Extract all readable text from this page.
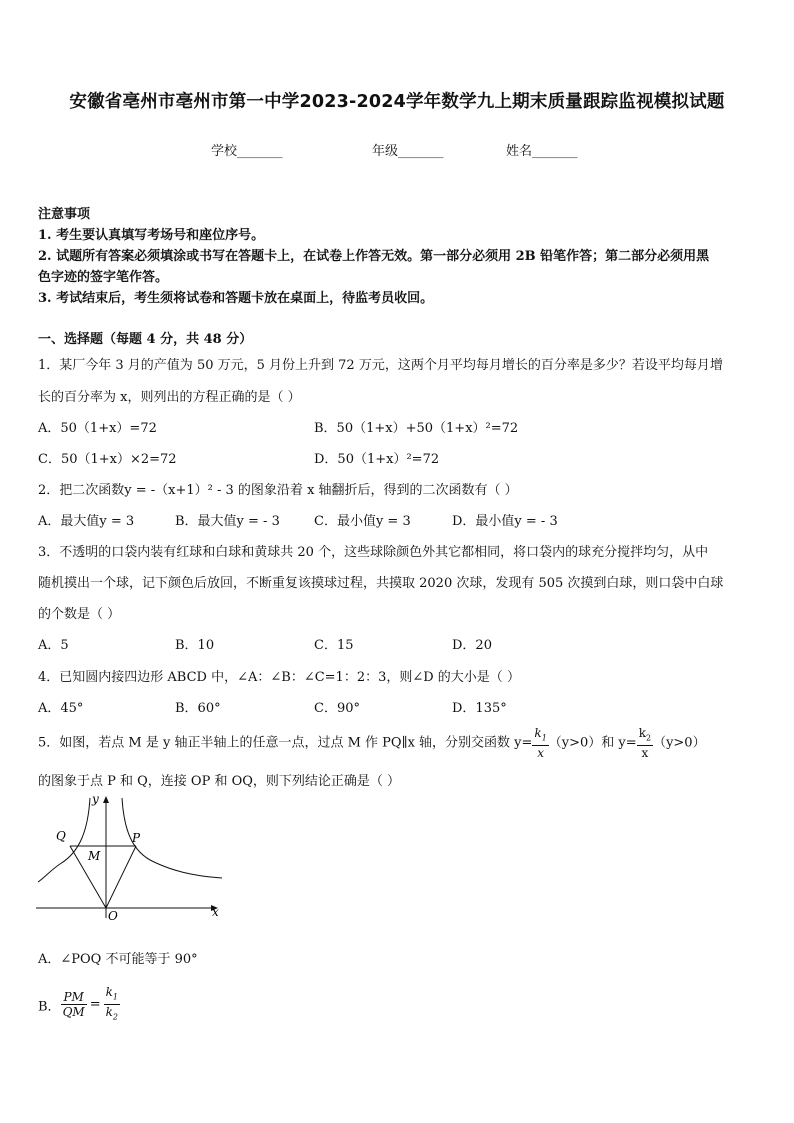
安徽省亳州市亳州市第一中学2023-2024学年数学九上期末质量跟踪监视模拟试题
学校_______	年级_______	姓名_______
注意事项
1. 考生要认真填写考场号和座位序号。
2. 试题所有答案必须填涂或书写在答题卡上，在试卷上作答无效。第一部分必须用 2B 铅笔作答；第二部分必须用黑
色字迹的签字笔作答。
3. 考试结束后，考生须将试卷和答题卡放在桌面上，待监考员收回。
一、选择题（每题 4 分，共 48 分）
1．某厂今年 3 月的产值为 50 万元，5 月份上升到 72 万元，这两个月平均每月增长的百分率是多少？若设平均每月增
长的百分率为 x，则列出的方程正确的是（ ）
A．50（1+x）=72	B．50（1+x）+50（1+x）²=72
C．50（1+x）×2=72	D．50（1+x）²=72
2．把二次函数y = -（x+1）² - 3 的图象沿着 x 轴翻折后，得到的二次函数有（ ）
A．最大值y = 3	B．最大值y = - 3	C．最小值y = 3	D．最小值y = - 3
3．不透明的口袋内装有红球和白球和黄球共 20 个，这些球除颜色外其它都相同，将口袋内的球充分搅拌均匀，从中
随机摸出一个球，记下颜色后放回，不断重复该摸球过程，共摸取 2020 次球，发现有 505 次摸到白球，则口袋中白球
的个数是（ ）
A．5	B．10	C．15	D．20
4．已知圆内接四边形 ABCD 中，∠A：∠B：∠C=1：2：3，则∠D 的大小是（ ）
A．45°	B．60°	C．90°	D．135°
5．如图，若点 M 是 y 轴正半轴上的任意一点，过点 M 作 PQ∥x 轴，分别交函数 $y= \frac{k_1}{x} (y>0)$和 $y= \frac{k_2}{x} (y>0)$
的图象于点 P 和 Q，连接 OP 和 OQ，则下列结论正确是（ ）
y
x
O
P
Q
M
A．∠POQ 不可能等于 90°
B． $\frac{PM}{QM} = \frac{k_1}{k_2}$
